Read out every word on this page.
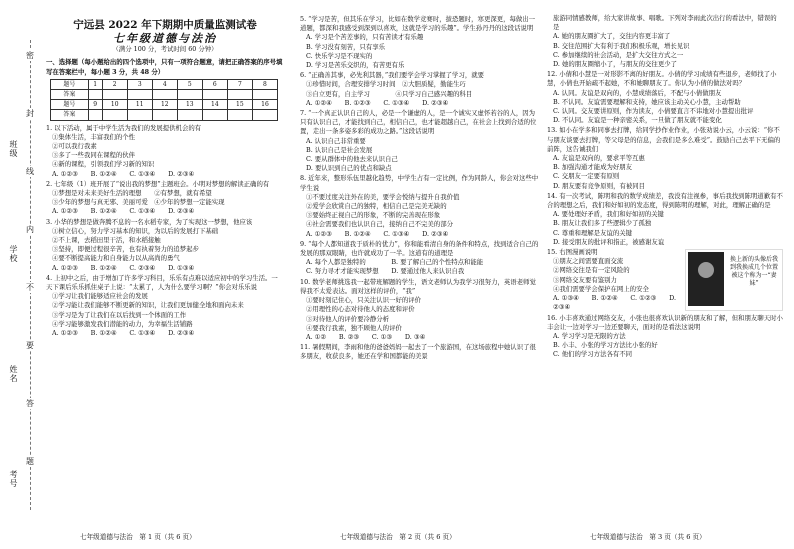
班级
学校
姓名
考号
密
封
线
内
不
要
答
题
宁远县 2022 年下期期中质量监测试卷
七年级道德与法治
（满分 100 分，考试时间 60 分钟）
一、选择题（每小题给出的四个选项中，只有一项符合题意，请把正确答案的序号填写在答案栏中，每小题 3 分，共 48 分）
题号	1	2	3	4	5	6	7	8
答案								
题号	9	10	11	12	13	14	15	16
答案								
1. 以下活动，属于中学生活为我们的发展提供机会的有
①集体生活，丰富我们的个性
②可以我行我素
③多了一些我同在课程的伙伴
④新的课程，引领我们学习新的知识
A. ①②③　　B. ①②④　　C. ①③④　　D. ②③④
2. 七年级（1）班开展了“说出我的梦想”主题班会。小明对梦想的解读正确的有
①梦想是对未来美好生活的理想　　②有梦想，就有希望
③少年的梦想与真无邪、美丽可爱　④少年的梦想一定能实现
A. ①②③　　B. ①②④　　C. ①③④　　D. ②③④
3. 小华的梦想是做奔腾不息的一名水稻专家，为了实现这一梦想，他应该
①树立信心，努力学习基本的知识，为以后的发展打下基础
②不上课，去稻田里干活，和水稻接触
③坚持，即便过程很辛苦，也有执着努力的追梦起步
④要不断提高能力和自身能力以从高尚的勇气
A. ①②③　　B. ①②④　　C. ②③④　　D. ①③④
4. 上初中之后，由于增加了许多学习科目，乐乐有点难以适应初中的学习生活。一天下课后乐乐抓住桌子上说：“太累了，人为什么要学习啊？”你会对乐乐说
①学习让我们能够适应社会的发展
②学习能让我们能够不断更新的知识，让我们更加健全地和面向未来
③学习是为了让我们在以后找到一个体面的工作
④学习能够激发我们潜能的动力，为幸福生活铺路
A. ①②③　　B. ①②④　　C. ①③④　　D. ②③④
5. “学习是苦，但其乐在学习，比如在数学竞赛时，拔恐题时，寒更深更，每做出一道题，都深和我感受到深到以喜欢，这就是学习的乐趣”。学生孙丹丹的这段话说明
A. 学习是个苦差事的，只有苦读才有乐趣
B. 学习没有刻苦，只有享乐
C. 快乐学习是不现实的
D. 学习是苦乐交织的，有苦更有乐
6. “正确善其事，必先利其器，”我们要学会学习掌握了学习，就要
①珍惜时间，合理安排学习时间　②大胆质疑，勤能生巧
③自立更有，自主学习　　　　④只学习自己感兴趣的科目
A. ①②④　　B. ①②③　　C. ①③④　　D. ②③④
7. “一个真正认识自己的人，必是一个谦虚的人，是一个诚实又虚怀若谷的人，因为只有认识自己，才能找到自己，相信自己，也才能超越自己，在社会上找到合适的位置，走出一条多姿多彩的成功之路。”这段话说明
A. 认识自己非常重要
B. 认识自己是社会发展
C. 要从群体中的他去来认识自己
D. 要认识到自己的优点和缺点
8. 近年来，整形乐伍里越化趋势，中学生占有一定比例，作为同龄人，你会对这些中学生说
①不要过度关注外在的美，要学会悦纳与提升自我价值
②爱学会欣赏自己的独特，相信自己是完美无缺的
③要始终正视自己的形象，不断的完善现在形象
④社会需要我们也认识自己，接纳自己不完美的部分
A. ①②③　　B. ①②④　　C. ①③④　　D. ②③④
9. “每个人都知道我于质朴的优力”，你和能看清自身的条件和特点，找到适合自己的发展的那双眼睛，也许就成功了一半。这道有的道理是
A. 每个人都是独特的　　　　B. 要了解自己的个性特点和能能
C. 努力寻才才能实现梦想　　D. 要通过他人来认识自我
10. 数学老师挑选我一起带班解题的学生，语文老师认为我学习很努力，英语老师觉得我不太爱表达。面对这样的评价，“我”
①要时刻记住心，只关注认识一好的评价
②用理性的心态对待他人的态度和评价
③对待他人的评价要冷静分析
④要我行我素，独不顾他人的评价
A. ①②　　B. ②③　　C. ①③　　D. ③④
11. 暑假期间，李雨和他的爸爸妈妈一起去了一个旅游国，在这场旅程中她认识了很多朋友，收获良多，她还在学和国都能的美景
旅游同情感教师，给大家讲故事、唱歌。下列对李雨此次出行的看法中，错误的是
A. 她的朋友圈扩大了，交往内容更丰富了
B. 交往范围扩大有利于我们积极乐观，增长见识
C. 参加继续的社会活动，是扩大交往方式之一
D. 她的朋友圈缩小了，与朋友的交往更少了
12. 小倩和小慧是一对形影不离的好朋友。小倩的学习成绩有些退步，老师找了小慧，小倩也开始疏不起她，不和她聊朋友了。你认为小倩的做法对吗？
A. 认同。友谊是双向的，小慧成绩落后，不配与小倩做朋友
B. 不认同。友谊需要理解和支持，她应该主动关心小慧，主动帮助
C. 认同。交友要讲原则，作为读友，小倩要直言不讳地对小慧提出批评
D. 不认同。友谊是一种亲密关系，一旦做了朋友就不能变化
13. 如小在学多和同事去打牌，给同学抄作业作业，小张劝说小云，小云说：“你不与朋友谈要去打牌，等父母是的信息，会我们是多么难受”。鼓励自己去平下无偏的前阵，这告诫我们
A. 友谊是双向的，要求平等互惠
B. 加强沟通才能成为好朋友
C. 交朋友一定要有原则
D. 朋友要有竞争原则，有被同目
14. 有一次考试，陈明和我的数学成绩差，我没有注视参，事后我找到陈明道歉有不合的理想之后，我们和好如初的发态度，得到陈明的理解，对此，理解正确的是
A. 要处理好矛盾，我们和好如初的关键
B. 朋友让我们多了些逻辑少了孤独
C. 尊重和理解是友谊的关键
D. 接受朋友的批评和指正，被感谢友谊
换上新的头像后我到我换成几个位置被这个称为一“妻妹”
15. 右图漫画说明
①朋友之间需要直面交流
②网络交往是有一定风险的
③网络交友要有鉴别力
④我们需要学会保护在网上的安全
A. ①③④　　B. ①②④　　C. ①②③　　D. ②③④
16. 小丰喜欢通过网络交友，小张也很喜欢认识新的朋友和了解，但和朋友聊天时小丰会让一边对学习一边还要聊天，面对的是看法这说明
A. 学习学习是无限的方法
B. 小丰、小张的学习方法比小张的好
C. 他们的学习方法各有不同
七年级道德与法治　第 1 页（共 6 页）	七年级道德与法治　第 2 页（共 6 页）	七年级道德与法治　第 3 页（共 6 页）
